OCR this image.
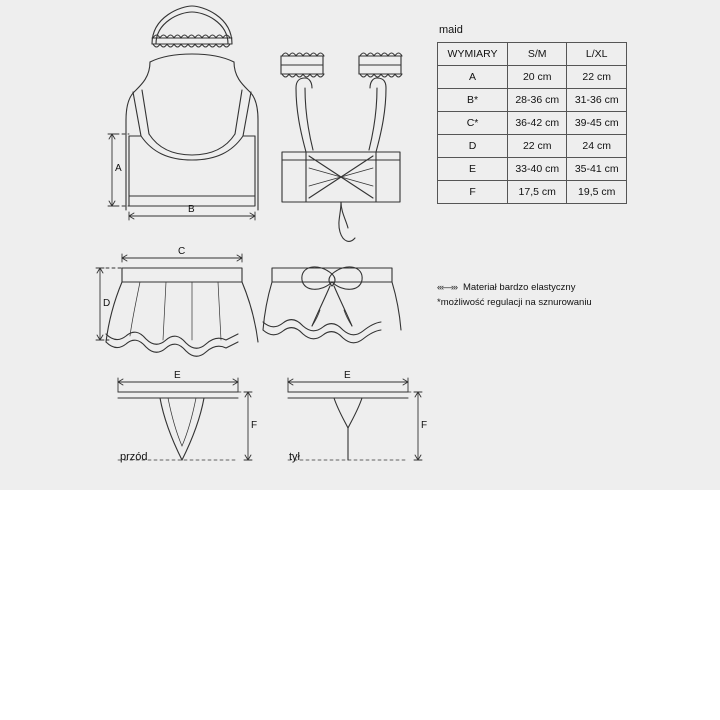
A
B
C
D
E	E
F	F
przód	tył
maid
WYMIARY	S/M	L/XL
A	20 cm	22 cm
B*	28-36 cm	31-36 cm
C*	36-42 cm	39-45 cm
D	22 cm	24 cm
E	33-40 cm	35-41 cm
F	17,5 cm	19,5 cm
‹‹‹—››› Materiał bardzo elastyczny
*możliwość regulacji na sznurowaniu
